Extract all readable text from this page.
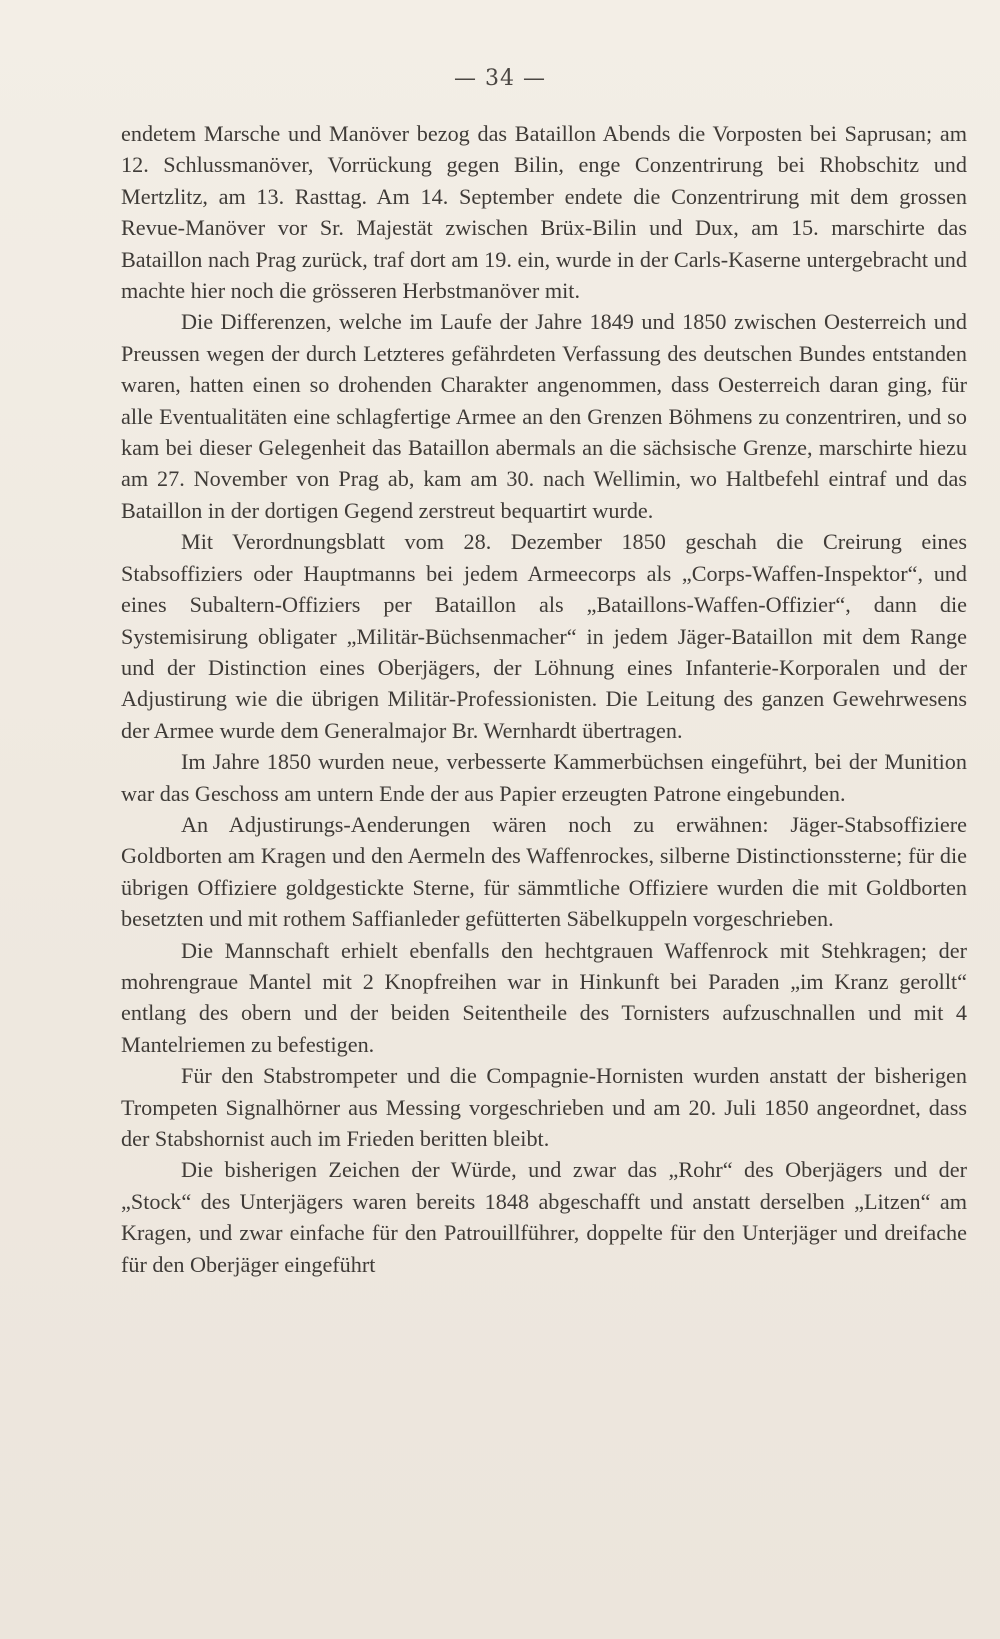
— 34 —

endetem Marsche und Manöver bezog das Bataillon Abends die Vorposten bei Saprusan; am 12. Schlussmanöver, Vorrückung gegen Bilin, enge Conzentrirung bei Rhobschitz und Mertzlitz, am 13. Rasttag. Am 14. September endete die Conzentrirung mit dem grossen Revue-Manöver vor Sr. Majestät zwischen Brüx-Bilin und Dux, am 15. marschirte das Bataillon nach Prag zurück, traf dort am 19. ein, wurde in der Carls-Kaserne untergebracht und machte hier noch die grösseren Herbstmanöver mit.

Die Differenzen, welche im Laufe der Jahre 1849 und 1850 zwischen Oesterreich und Preussen wegen der durch Letzteres gefährdeten Verfassung des deutschen Bundes entstanden waren, hatten einen so drohenden Charakter angenommen, dass Oesterreich daran ging, für alle Eventualitäten eine schlagfertige Armee an den Grenzen Böhmens zu conzentriren, und so kam bei dieser Gelegenheit das Bataillon abermals an die sächsische Grenze, marschirte hiezu am 27. November von Prag ab, kam am 30. nach Wellimin, wo Haltbefehl eintraf und das Bataillon in der dortigen Gegend zerstreut bequartirt wurde.

Mit Verordnungsblatt vom 28. Dezember 1850 geschah die Creirung eines Stabsoffiziers oder Hauptmanns bei jedem Armeecorps als „Corps-Waffen-Inspektor“, und eines Subaltern-Offiziers per Bataillon als „Bataillons-Waffen-Offizier“, dann die Systemisirung obligater „Militär-Büchsenmacher“ in jedem Jäger-Bataillon mit dem Range und der Distinction eines Oberjägers, der Löhnung eines Infanterie-Korporalen und der Adjustirung wie die übrigen Militär-Professionisten. Die Leitung des ganzen Gewehrwesens der Armee wurde dem Generalmajor Br. Wernhardt übertragen.

Im Jahre 1850 wurden neue, verbesserte Kammerbüchsen eingeführt, bei der Munition war das Geschoss am untern Ende der aus Papier erzeugten Patrone eingebunden.

An Adjustirungs-Aenderungen wären noch zu erwähnen: Jäger-Stabsoffiziere Goldborten am Kragen und den Aermeln des Waffenrockes, silberne Distinctionssterne; für die übrigen Offiziere goldgestickte Sterne, für sämmtliche Offiziere wurden die mit Goldborten besetzten und mit rothem Saffianleder gefütterten Säbelkuppeln vorgeschrieben.

Die Mannschaft erhielt ebenfalls den hechtgrauen Waffenrock mit Stehkragen; der mohrengraue Mantel mit 2 Knopfreihen war in Hinkunft bei Paraden „im Kranz gerollt“ entlang des obern und der beiden Seitentheile des Tornisters aufzuschnallen und mit 4 Mantelriemen zu befestigen.

Für den Stabstrompeter und die Compagnie-Hornisten wurden anstatt der bisherigen Trompeten Signalhörner aus Messing vorgeschrieben und am 20. Juli 1850 angeordnet, dass der Stabshornist auch im Frieden beritten bleibt.

Die bisherigen Zeichen der Würde, und zwar das „Rohr“ des Oberjägers und der „Stock“ des Unterjägers waren bereits 1848 abgeschafft und anstatt derselben „Litzen“ am Kragen, und zwar einfache für den Patrouillführer, doppelte für den Unterjäger und dreifache für den Oberjäger eingeführt
